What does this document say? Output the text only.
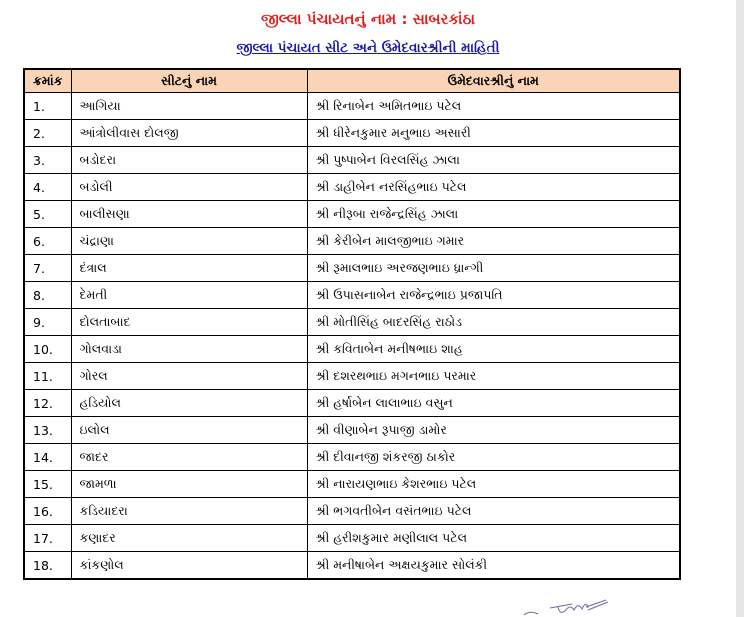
જીલ્લા પંચાયતનું નામ : સાબરકાંઠા
જીલ્લા પંચાયત સીટ અને ઉમેદવારશ્રીની માહિતી
ક્રમાંક	સીટનું નામ	ઉમેદવારશ્રીનું નામ
1.	આગિયા	શ્રી રિનાબેન અમિતભાઇ પટેલ
2.	આંત્રોલીવાસ દોલજી	શ્રી ધીરેનકુમાર મનુભાઇ અસારી
3.	બડોદરા	શ્રી પુષ્પાબેન વિરલસિંહ ઝાલા
4.	બડોલી	શ્રી ડાહીબેન નરસિંહભાઇ પટેલ
5.	બાલીસણા	શ્રી નીરૂબા રાજેન્દ્રસિંહ ઝાલા
6.	ચંદ્રાણા	શ્રી કેરીબેન માલજીભાઇ ગમાર
7.	દંત્રાલ	શ્રી રૂમાલભાઇ અરજણભાઇ ધ્રાન્ગી
8.	દેમતી	શ્રી ઉપાસનાબેન રાજેન્દ્રભાઇ પ્રજાપતિ
9.	દોલતાબાદ	શ્રી મોતીસિંહ બાદરસિંહ રાઠોડ
10.	ગોલવાડા	શ્રી કવિતાબેન મનીષભાઇ શાહ
11.	ગોરલ	શ્રી દશરથભાઇ મગનભાઇ પરમાર
12.	હડિયોલ	શ્રી હર્ષાબેન લાલાભાઇ વસુન
13.	ઇલોલ	શ્રી વીણાબેન રૂપાજી ડામોર
14.	જાદર	શ્રી દીવાનજી શંકરજી ઠાકોર
15.	જામળા	શ્રી નારાયણભાઇ કેશરભાઇ પટેલ
16.	કડિયાદરા	શ્રી ભગવતીબેન વસંતભાઇ પટેલ
17.	કણાદર	શ્રી હરીશકુમાર મણીલાલ પટેલ
18.	કાંકણોલ	શ્રી મનીષાબેન અક્ષયકુમાર સોલંકી
